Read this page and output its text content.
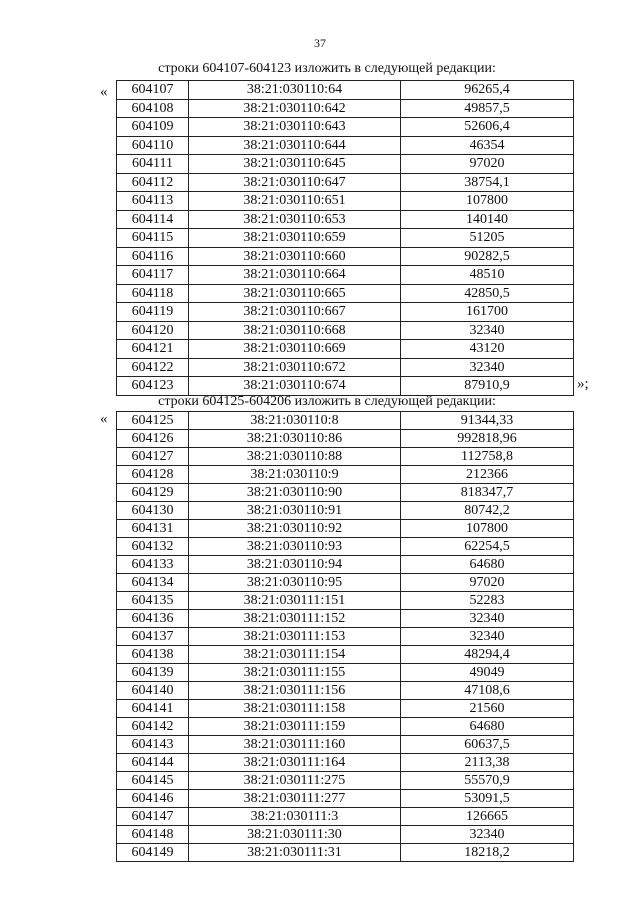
37
строки 604107-604123 изложить в следующей редакции:
« 604107	38:21:030110:64	96265,4
604108	38:21:030110:642	49857,5
604109	38:21:030110:643	52606,4
604110	38:21:030110:644	46354
604111	38:21:030110:645	97020
604112	38:21:030110:647	38754,1
604113	38:21:030110:651	107800
604114	38:21:030110:653	140140
604115	38:21:030110:659	51205
604116	38:21:030110:660	90282,5
604117	38:21:030110:664	48510
604118	38:21:030110:665	42850,5
604119	38:21:030110:667	161700
604120	38:21:030110:668	32340
604121	38:21:030110:669	43120
604122	38:21:030110:672	32340
604123	38:21:030110:674	87910,9	»;
строки 604125-604206 изложить в следующей редакции:
« 604125	38:21:030110:8	91344,33
604126	38:21:030110:86	992818,96
604127	38:21:030110:88	112758,8
604128	38:21:030110:9	212366
604129	38:21:030110:90	818347,7
604130	38:21:030110:91	80742,2
604131	38:21:030110:92	107800
604132	38:21:030110:93	62254,5
604133	38:21:030110:94	64680
604134	38:21:030110:95	97020
604135	38:21:030111:151	52283
604136	38:21:030111:152	32340
604137	38:21:030111:153	32340
604138	38:21:030111:154	48294,4
604139	38:21:030111:155	49049
604140	38:21:030111:156	47108,6
604141	38:21:030111:158	21560
604142	38:21:030111:159	64680
604143	38:21:030111:160	60637,5
604144	38:21:030111:164	2113,38
604145	38:21:030111:275	55570,9
604146	38:21:030111:277	53091,5
604147	38:21:030111:3	126665
604148	38:21:030111:30	32340
604149	38:21:030111:31	18218,2
